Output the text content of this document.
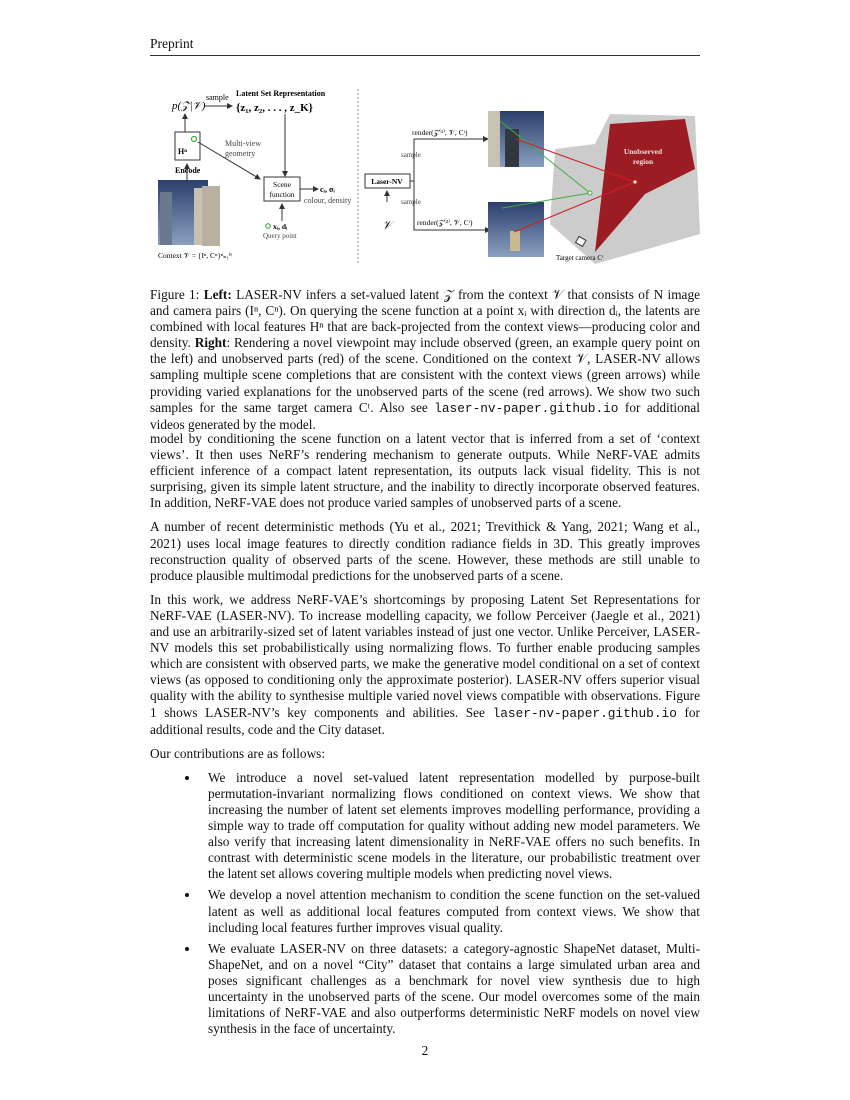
Preprint
p(𝒵|𝒱)
sample Latent Set Representation
{z₁, z₂, . . . , z_K}
Hⁿ
Multi-view
geometry
Encode
Context 𝒱 = {Iⁿ, Cⁿ}ⁿ₌₁ᴺ
Scene
function
cᵢ, σᵢ
colour, density
xᵢ, dᵢ
Query point
Laser-NV
𝒱
sample
sample
render(𝒵⁽¹⁾, 𝒱, Cᵗ)
render(𝒵⁽²⁾, 𝒱, Cᵗ)
Unobserved
region
Target camera Cᵗ
Figure 1: Left: LASER-NV infers a set-valued latent 𝒵 from the context 𝒱 that consists of N image and camera pairs (Iⁿ, Cⁿ). On querying the scene function at a point xᵢ with direction dᵢ, the latents are combined with local features Hⁿ that are back-projected from the context views—producing color and density. Right: Rendering a novel viewpoint may include observed (green, an example query point on the left) and unobserved parts (red) of the scene. Conditioned on the context 𝒱, LASER-NV allows sampling multiple scene completions that are consistent with the context views (green arrows) while providing varied explanations for the unobserved parts of the scene (red arrows). We show two such samples for the same target camera Cᵗ. Also see laser-nv-paper.github.io for additional videos generated by the model.

model by conditioning the scene function on a latent vector that is inferred from a set of ‘context views’. It then uses NeRF’s rendering mechanism to generate outputs. While NeRF-VAE admits efficient inference of a compact latent representation, its outputs lack visual fidelity. This is not surprising, given its simple latent structure, and the inability to directly incorporate observed features. In addition, NeRF-VAE does not produce varied samples of unobserved parts of a scene.

A number of recent deterministic methods (Yu et al., 2021; Trevithick & Yang, 2021; Wang et al., 2021) uses local image features to directly condition radiance fields in 3D. This greatly improves reconstruction quality of observed parts of the scene. However, these methods are still unable to produce plausible multimodal predictions for the unobserved parts of a scene.

In this work, we address NeRF-VAE’s shortcomings by proposing Latent Set Representations for NeRF-VAE (LASER-NV). To increase modelling capacity, we follow Perceiver (Jaegle et al., 2021) and use an arbitrarily-sized set of latent variables instead of just one vector. Unlike Perceiver, LASER-NV models this set probabilistically using normalizing flows. To further enable producing samples which are consistent with observed parts, we make the generative model conditional on a set of context views (as opposed to conditioning only the approximate posterior). LASER-NV offers superior visual quality with the ability to synthesise multiple varied novel views compatible with observations. Figure 1 shows LASER-NV’s key components and abilities. See laser-nv-paper.github.io for additional results, code and the City dataset.

Our contributions are as follows:

• We introduce a novel set-valued latent representation modelled by purpose-built permutation-invariant normalizing flows conditioned on context views. We show that increasing the number of latent set elements improves modelling performance, providing a simple way to trade off computation for quality without adding new model parameters. We also verify that increasing latent dimensionality in NeRF-VAE offers no such benefits. In contrast with deterministic scene models in the literature, our probabilistic treatment over the latent set allows covering multiple models when predicting novel views.
• We develop a novel attention mechanism to condition the scene function on the set-valued latent as well as additional local features computed from context views. We show that including local features further improves visual quality.
• We evaluate LASER-NV on three datasets: a category-agnostic ShapeNet dataset, Multi-ShapeNet, and on a novel “City” dataset that contains a large simulated urban area and poses significant challenges as a benchmark for novel view synthesis due to high uncertainty in the unobserved parts of the scene. Our model overcomes some of the main limitations of NeRF-VAE and also outperforms deterministic NeRF models on novel view synthesis in the face of uncertainty.
2
